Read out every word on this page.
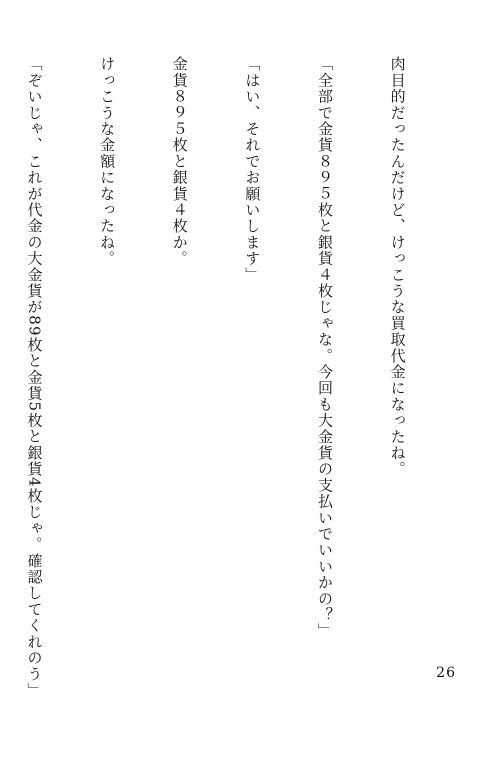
肉目的だったんだけど、けっこうな買取代金になったね。

「全部で金貨８９５枚と銀貨４枚じゃな。今回も大金貨の支払いでいいかの？」

「はい、それでお願いします」

金貨８９５枚と銀貨４枚か。

けっこうな金額になったね。

「ぞいじゃ、これが代金の大金貨が89枚と金貨5枚と銀貨4枚じゃ。確認してくれのう」

	26
